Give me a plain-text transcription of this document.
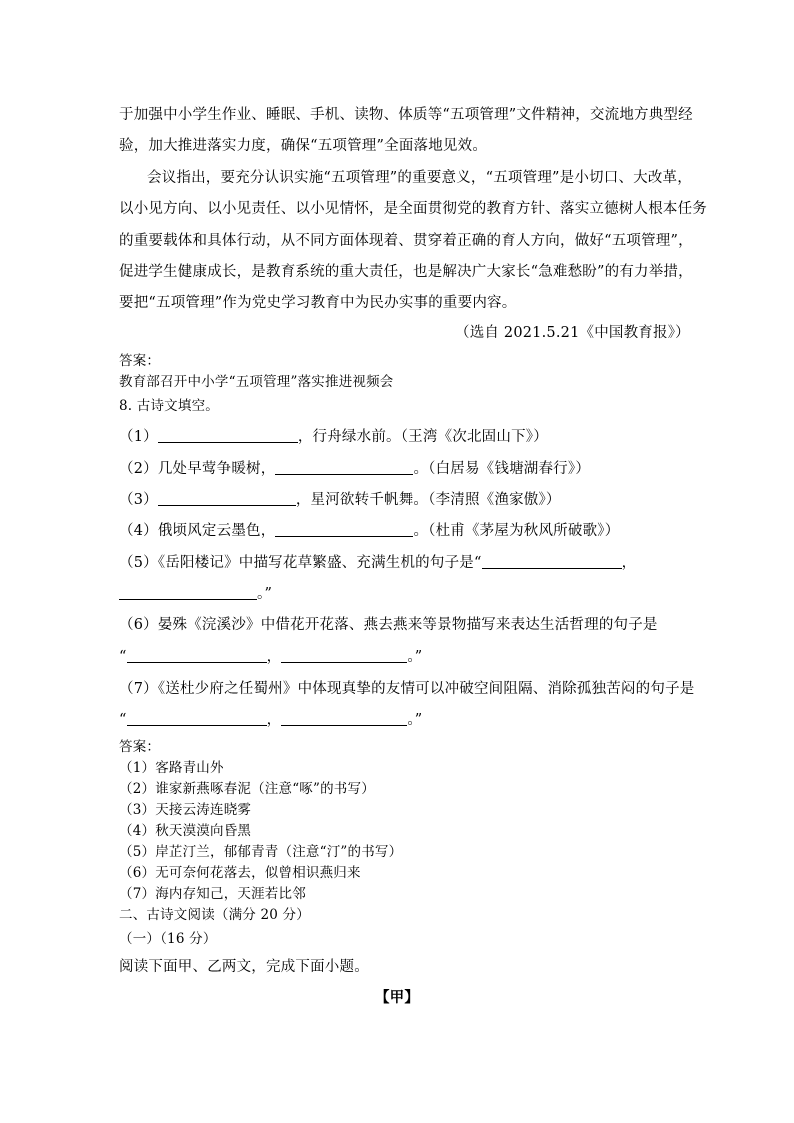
于加强中小学生作业、睡眠、手机、读物、体质等“五项管理”文件精神，交流地方典型经
验，加大推进落实力度，确保“五项管理”全面落地见效。
会议指出，要充分认识实施“五项管理”的重要意义，“五项管理”是小切口、大改革，
以小见方向、以小见责任、以小见情怀，是全面贯彻党的教育方针、落实立德树人根本任务
的重要载体和具体行动，从不同方面体现着、贯穿着正确的育人方向，做好“五项管理”，
促进学生健康成长，是教育系统的重大责任，也是解决广大家长“急难愁盼”的有力举措，
要把“五项管理”作为党史学习教育中为民办实事的重要内容。
（选自 2021.5.21《中国教育报》）
答案：
教育部召开中小学“五项管理”落实推进视频会
8. 古诗文填空。
（1）	，行舟绿水前。（王湾《次北固山下》）
（2）几处早莺争暖树，	。（白居易《钱塘湖春行》）
（3）	，星河欲转千帆舞。（李清照《渔家傲》）
（4）俄顷风定云墨色，	。（杜甫《茅屋为秋风所破歌》）
（5）《岳阳楼记》中描写花草繁盛、充满生机的句子是“	，
。”
（6）晏殊《浣溪沙》中借花开花落、燕去燕来等景物描写来表达生活哲理的句子是
“	，	。”
（7）《送杜少府之任蜀州》中体现真挚的友情可以冲破空间阻隔、消除孤独苦闷的句子是
“	，	。”
答案：
（1）客路青山外
（2）谁家新燕啄春泥（注意“啄”的书写）
（3）天接云涛连晓雾
（4）秋天漠漠向昏黑
（5）岸芷汀兰，郁郁青青（注意“汀”的书写）
（6）无可奈何花落去，似曾相识燕归来
（7）海内存知己，天涯若比邻
二、古诗文阅读（满分 20 分）
（一）（16 分）
阅读下面甲、乙两文，完成下面小题。
【甲】
